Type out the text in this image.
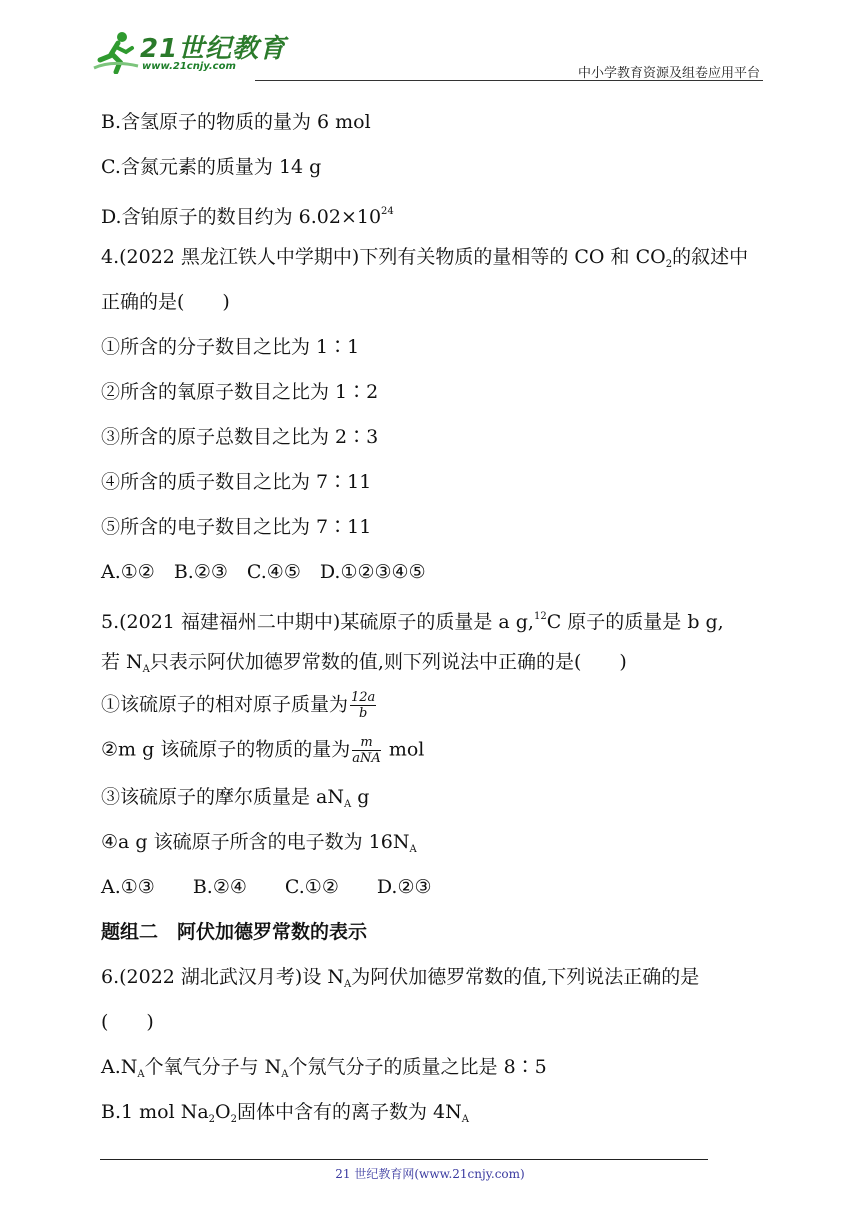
21世纪教育
www.21cnjy.com	中小学教育资源及组卷应用平台
B.含氢原子的物质的量为 6 mol
C.含氮元素的质量为 14 g
D.含铂原子的数目约为 $6.02\times 10^{24}$
4.(2022 黑龙江铁人中学期中)下列有关物质的量相等的 CO 和 $CO_2$的叙述中
正确的是(　　)
①所含的分子数目之比为 1∶1
②所含的氧原子数目之比为 1∶2
③所含的原子总数目之比为 2∶3
④所含的质子数目之比为 7∶11
⑤所含的电子数目之比为 7∶11
A.①②　B.②③　C.④⑤　D.①②③④⑤
5.(2021 福建福州二中期中)某硫原子的质量是 a g,$^{12}$C 原子的质量是 b g,
若 $N_A$只表示阿伏加德罗常数的值,则下列说法中正确的是(　　)
①该硫原子的相对原子质量为 $\frac{12a}{b}$
②m g 该硫原子的物质的量为 $\frac{m}{\text{aNA}}$ mol
③该硫原子的摩尔质量是 $aN_A$ g
④a g 该硫原子所含的电子数为 $16N_A$
A.①③　　B.②④　　C.①②　　D.②③
题组二　阿伏加德罗常数的表示
6.(2022 湖北武汉月考)设 $N_A$为阿伏加德罗常数的值,下列说法正确的是
(　　)
$A.N_A$个氧气分子与 $N_A$个氖气分子的质量之比是 8∶5
B.1 mol $Na_2O_2$固体中含有的离子数为 $4N_A$
21 世纪教育网(www.21cnjy.com)
